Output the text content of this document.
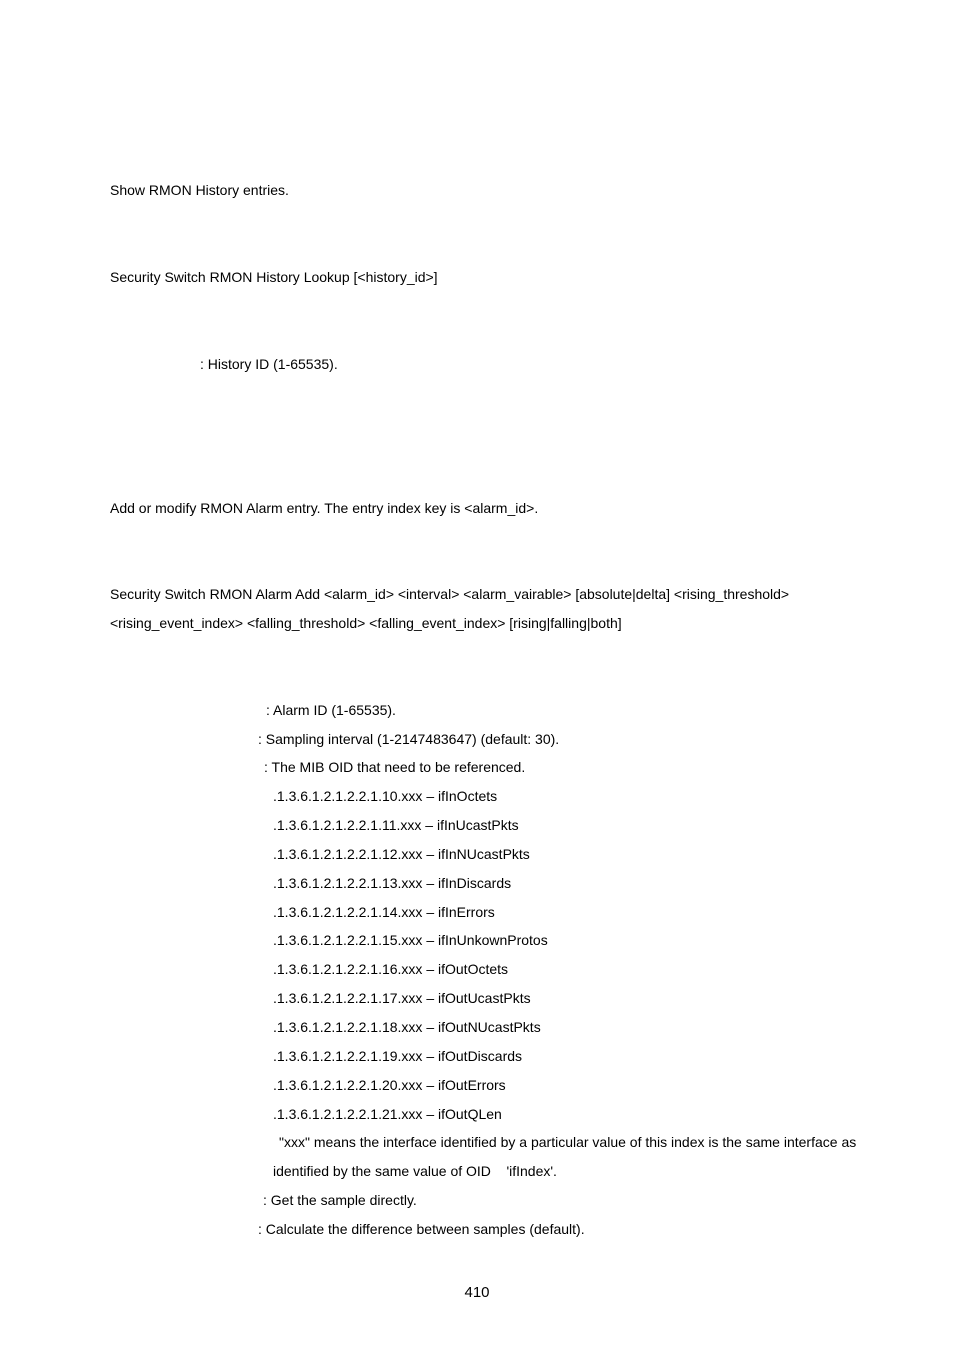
Show RMON History entries.

Security Switch RMON History Lookup [<history_id>]

: History ID (1-65535).

Add or modify RMON Alarm entry. The entry index key is <alarm_id>.

Security Switch RMON Alarm Add <alarm_id> <interval> <alarm_vairable> [absolute|delta] <rising_threshold>

<rising_event_index> <falling_threshold> <falling_event_index> [rising|falling|both]

: Alarm ID (1-65535).

: Sampling interval (1-2147483647) (default: 30).

: The MIB OID that need to be referenced.

.1.3.6.1.2.1.2.2.1.10.xxx – ifInOctets

.1.3.6.1.2.1.2.2.1.11.xxx – ifInUcastPkts

.1.3.6.1.2.1.2.2.1.12.xxx – ifInNUcastPkts

.1.3.6.1.2.1.2.2.1.13.xxx – ifInDiscards

.1.3.6.1.2.1.2.2.1.14.xxx – ifInErrors

.1.3.6.1.2.1.2.2.1.15.xxx – ifInUnkownProtos

.1.3.6.1.2.1.2.2.1.16.xxx – ifOutOctets

.1.3.6.1.2.1.2.2.1.17.xxx – ifOutUcastPkts

.1.3.6.1.2.1.2.2.1.18.xxx – ifOutNUcastPkts

.1.3.6.1.2.1.2.2.1.19.xxx – ifOutDiscards

.1.3.6.1.2.1.2.2.1.20.xxx – ifOutErrors

.1.3.6.1.2.1.2.2.1.21.xxx – ifOutQLen

"xxx" means the interface identified by a particular value of this index is the same interface as

identified by the same value of OID    'ifIndex'.

: Get the sample directly.

: Calculate the difference between samples (default).

410
